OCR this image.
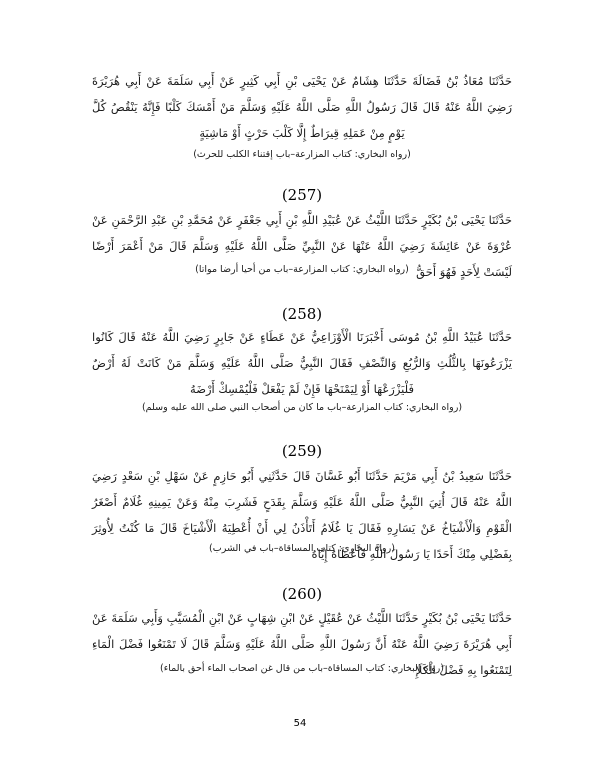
حَدَّثَنَا مُعَاذُ بْنُ فَضَالَةَ حَدَّثَنَا هِشَامٌ عَنْ يَحْيَى بْنِ أَبِي كَثِيرٍ عَنْ أَبِي سَلَمَةَ عَنْ أَبِي هُرَيْرَةَ رَضِيَ اللَّهُ عَنْهُ قَالَ قَالَ رَسُولُ اللَّهِ صَلَّى اللَّهُ عَلَيْهِ وَسَلَّمَ مَنْ أَمْسَكَ كَلْبًا فَإِنَّهُ يَنْقُصُ كُلَّ يَوْمٍ مِنْ عَمَلِهِ قِيرَاطٌ إِلَّا كَلْبَ حَرْثٍ أَوْ مَاشِيَةٍ
(رواه البخاري: كتاب المزارعة–باب إقتناء الكلب للحرث)
(257)
حَدَّثَنَا يَحْيَى بْنُ بُكَيْرٍ حَدَّثَنَا اللَّيْثُ عَنْ عُبَيْدِ اللَّهِ بْنِ أَبِي جَعْفَرٍ عَنْ مُحَمَّدِ بْنِ عَبْدِ الرَّحْمَنِ عَنْ عُرْوَةَ عَنْ عَائِشَةَ رَضِيَ اللَّهُ عَنْهَا عَنْ النَّبِيِّ صَلَّى اللَّهُ عَلَيْهِ وَسَلَّمَ قَالَ مَنْ أَعْمَرَ أَرْضًا لَيْسَتْ لِأَحَدٍ فَهُوَ أَحَقُّ
(رواه البخاري: كتاب المزارعة–باب من أحيا أرضا مواتا)
(258)
حَدَّثَنَا عُبَيْدُ اللَّهِ بْنُ مُوسَى أَخْبَرَنَا الْأَوْزَاعِيُّ عَنْ عَطَاءٍ عَنْ جَابِرٍ رَضِيَ اللَّهُ عَنْهُ قَالَ كَانُوا يَزْرَعُونَهَا بِالثُّلُثِ وَالرُّبُعِ وَالنِّصْفِ فَقَالَ النَّبِيُّ صَلَّى اللَّهُ عَلَيْهِ وَسَلَّمَ مَنْ كَانَتْ لَهُ أَرْضٌ فَلْيَزْرَعْهَا أَوْ لِيَمْنَحْهَا فَإِنْ لَمْ يَفْعَلْ فَلْيُمْسِكْ أَرْضَهُ
(رواه البخاري: كتاب المزارعة–باب ما كان من أصحاب النبي صلى الله عليه وسلم)
(259)
حَدَّثَنَا سَعِيدُ بْنُ أَبِي مَرْيَمَ حَدَّثَنَا أَبُو غَسَّانَ قَالَ حَدَّثَنِي أَبُو حَازِمٍ عَنْ سَهْلِ بْنِ سَعْدٍ رَضِيَ اللَّهُ عَنْهُ قَالَ أُتِيَ النَّبِيُّ صَلَّى اللَّهُ عَلَيْهِ وَسَلَّمَ بِقَدَحٍ فَشَرِبَ مِنْهُ وَعَنْ يَمِينِهِ غُلَامٌ أَصْغَرُ الْقَوْمِ وَالْأَشْيَاخُ عَنْ يَسَارِهِ فَقَالَ يَا غُلَامُ أَتَأْذَنُ لِي أَنْ أُعْطِيَهُ الْأَشْيَاخَ قَالَ مَا كُنْتُ لِأُوثِرَ بِفَضْلِي مِنْكَ أَحَدًا يَا رَسُولَ اللَّهِ فَأَعْطَاهُ إِيَّاهُ
(رواه البخاري: كتاب المساقاة–باب في الشرب)
(260)
حَدَّثَنَا يَحْيَى بْنُ بُكَيْرٍ حَدَّثَنَا اللَّيْثُ عَنْ عُقَيْلٍ عَنْ ابْنِ شِهَابٍ عَنْ ابْنِ الْمُسَيَّبِ وَأَبِي سَلَمَةَ عَنْ أَبِي هُرَيْرَةَ رَضِيَ اللَّهُ عَنْهُ أَنَّ رَسُولَ اللَّهِ صَلَّى اللَّهُ عَلَيْهِ وَسَلَّمَ قَالَ لَا تَمْنَعُوا فَضْلَ الْمَاءِ لِتَمْنَعُوا بِهِ فَضْلَ الْكَلَإِ
(رواه البخاري: كتاب المساقاة–باب من قال غن اصحاب الماء أحق بالماء)
54
